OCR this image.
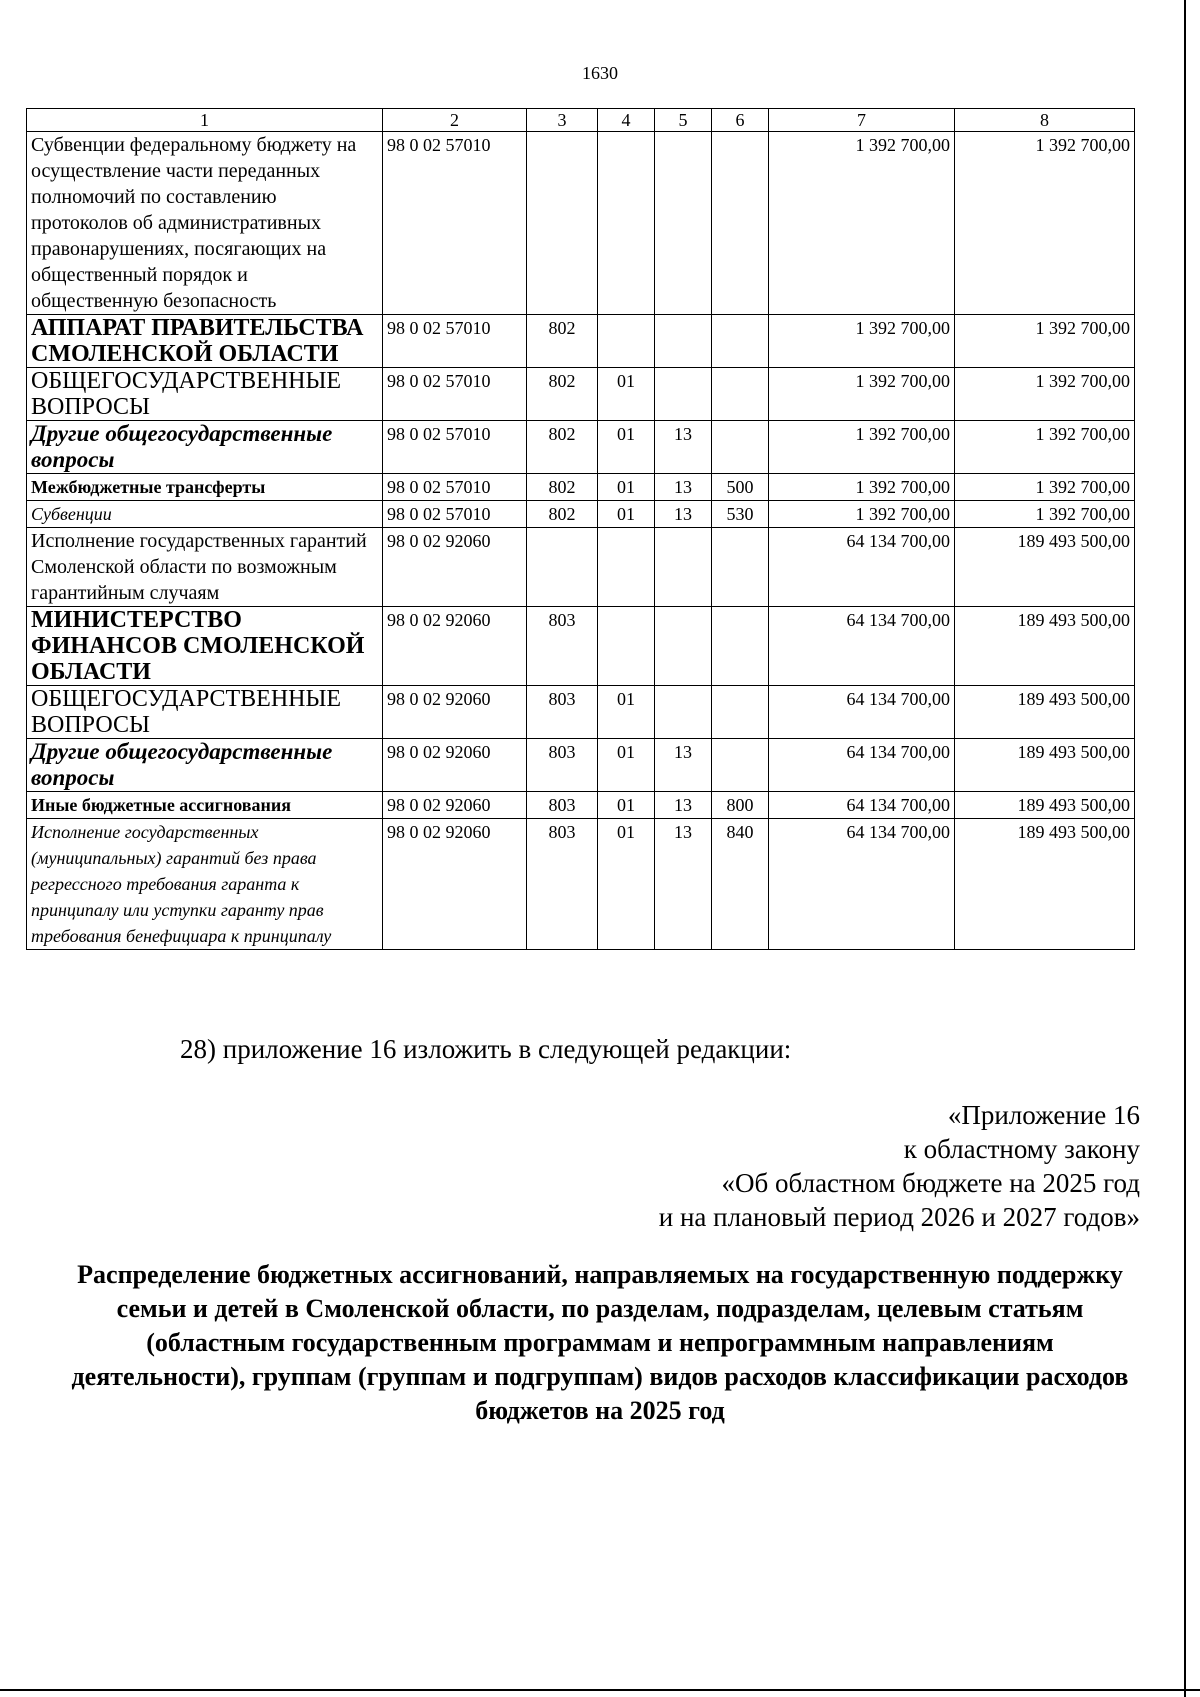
1630
1	2	3	4	5	6	7	8
Субвенции федеральному бюджету на осуществление части переданных полномочий по составлению протоколов об административных правонарушениях, посягающих на общественный порядок и общественную безопасность	98 0 02 57010					1 392 700,00	1 392 700,00
АППАРАТ ПРАВИТЕЛЬСТВА СМОЛЕНСКОЙ ОБЛАСТИ	98 0 02 57010	802				1 392 700,00	1 392 700,00
ОБЩЕГОСУДАРСТВЕННЫЕ ВОПРОСЫ	98 0 02 57010	802	01			1 392 700,00	1 392 700,00
Другие общегосударственные вопросы	98 0 02 57010	802	01	13		1 392 700,00	1 392 700,00
Межбюджетные трансферты	98 0 02 57010	802	01	13	500	1 392 700,00	1 392 700,00
Субвенции	98 0 02 57010	802	01	13	530	1 392 700,00	1 392 700,00
Исполнение государственных гарантий Смоленской области по возможным гарантийным случаям	98 0 02 92060					64 134 700,00	189 493 500,00
МИНИСТЕРСТВО ФИНАНСОВ СМОЛЕНСКОЙ ОБЛАСТИ	98 0 02 92060	803				64 134 700,00	189 493 500,00
ОБЩЕГОСУДАРСТВЕННЫЕ ВОПРОСЫ	98 0 02 92060	803	01			64 134 700,00	189 493 500,00
Другие общегосударственные вопросы	98 0 02 92060	803	01	13		64 134 700,00	189 493 500,00
Иные бюджетные ассигнования	98 0 02 92060	803	01	13	800	64 134 700,00	189 493 500,00
Исполнение государственных (муниципальных) гарантий без права регрессного требования гаранта к принципалу или уступки гаранту прав требования бенефициара к принципалу	98 0 02 92060	803	01	13	840	64 134 700,00	189 493 500,00
28) приложение 16 изложить в следующей редакции:
«Приложение 16
к областному закону
«Об областном бюджете на 2025 год
и на плановый период 2026 и 2027 годов»
Распределение бюджетных ассигнований, направляемых на государственную поддержку семьи и детей в Смоленской области, по разделам, подразделам, целевым статьям (областным государственным программам и непрограммным направлениям деятельности), группам (группам и подгруппам) видов расходов классификации расходов бюджетов на 2025 год
